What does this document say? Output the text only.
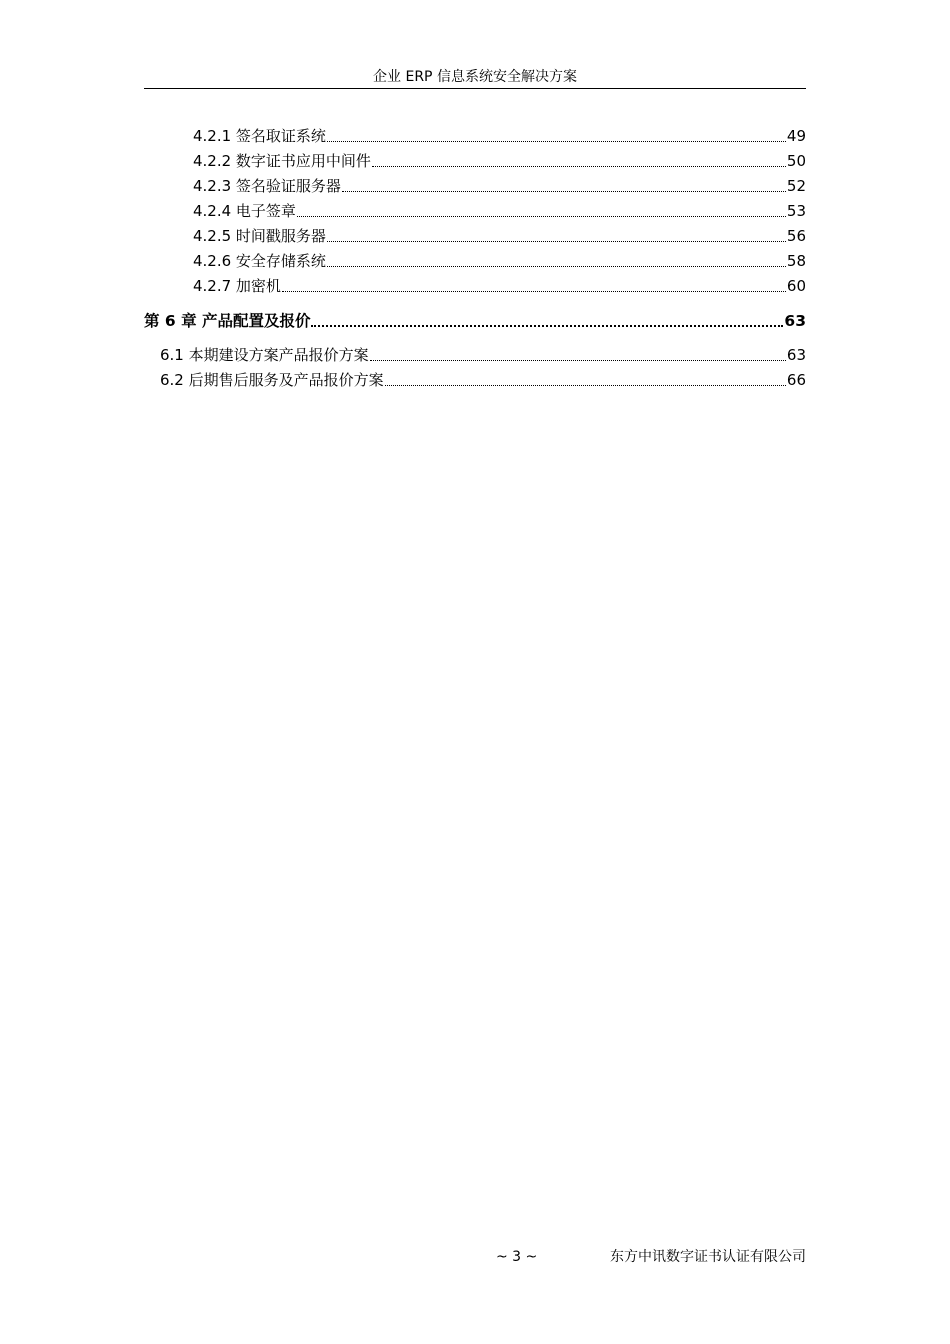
企业 ERP 信息系统安全解决方案
4.2.1 签名取证系统	49
4.2.2 数字证书应用中间件	50
4.2.3 签名验证服务器	52
4.2.4 电子签章	53
4.2.5 时间戳服务器	56
4.2.6 安全存储系统	58
4.2.7 加密机	60
第 6 章 产品配置及报价	63
6.1 本期建设方案产品报价方案	63
6.2 后期售后服务及产品报价方案	66
~ 3 ~	东方中讯数字证书认证有限公司
